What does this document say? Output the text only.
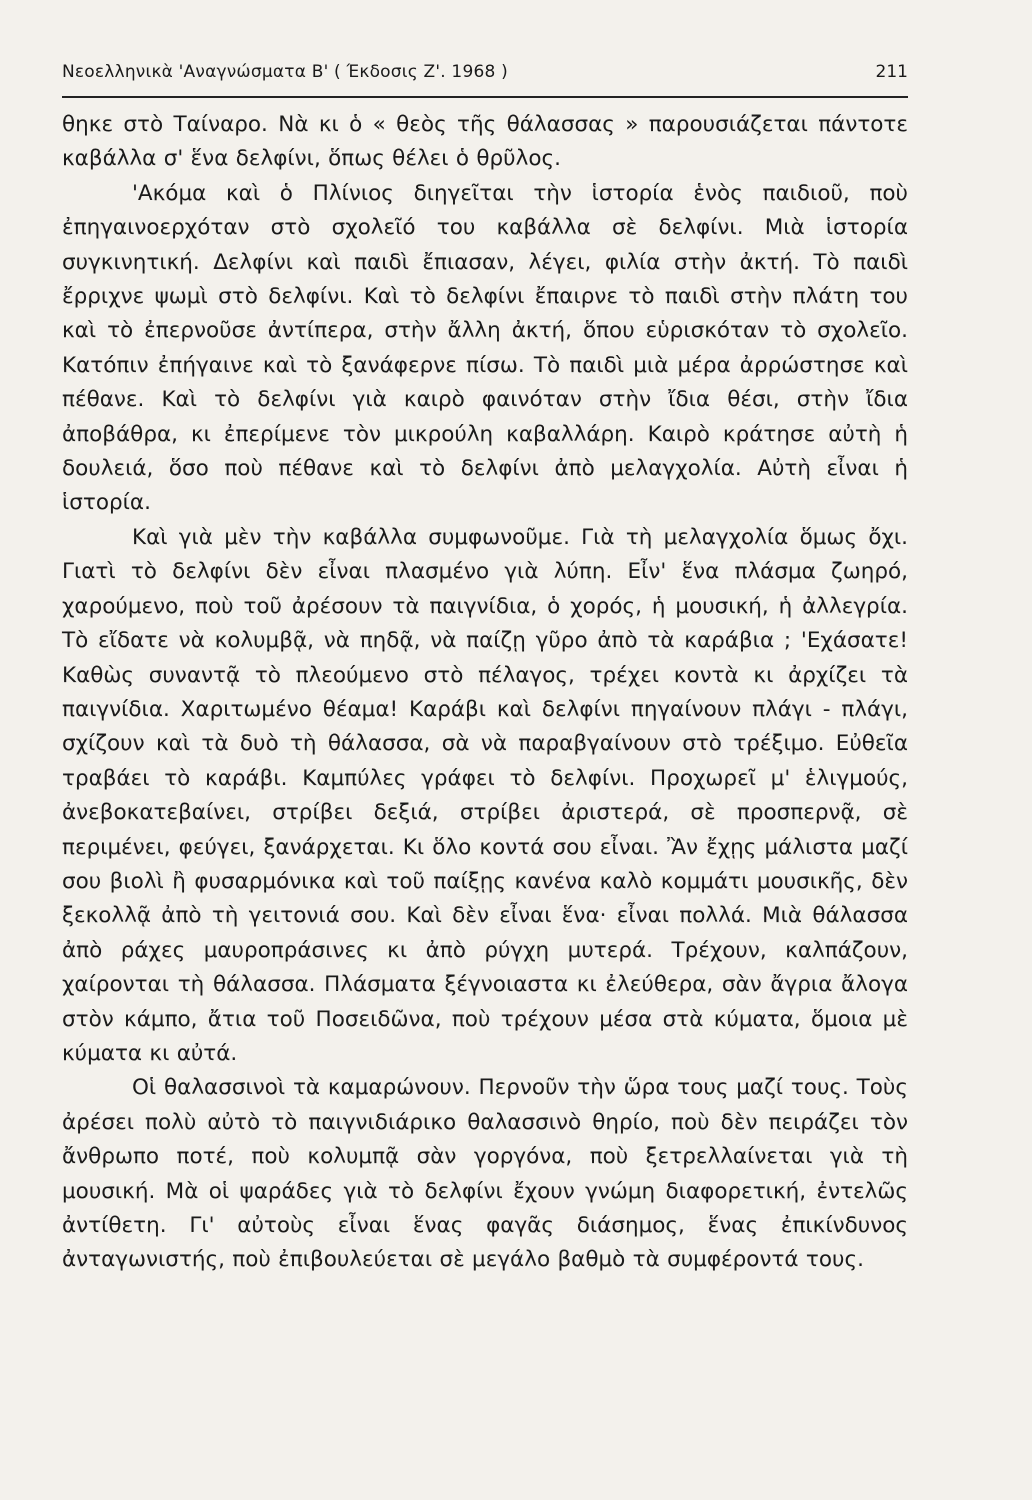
Νεοελληνικὰ 'Αναγνώσματα Β' ( Έκδοσις Ζ'. 1968 )	211

θηκε στὸ Ταίναρο. Νὰ κι ὁ « θεὸς τῆς θάλασσας » παρουσιάζεται πάντοτε καβάλλα σ' ἕνα δελφίνι, ὅπως θέλει ὁ θρῦλος.

'Ακόμα καὶ ὁ Πλίνιος διηγεῖται τὴν ἱστορία ἑνὸς παιδιοῦ, ποὺ ἐπηγαινοερχόταν στὸ σχολεῖό του καβάλλα σὲ δελφίνι. Μιὰ ἱστορία συγκινητική. Δελφίνι καὶ παιδὶ ἔπιασαν, λέγει, φιλία στὴν ἀκτή. Τὸ παιδὶ ἔρριχνε ψωμὶ στὸ δελφίνι. Καὶ τὸ δελφίνι ἔπαιρνε τὸ παιδὶ στὴν πλάτη του καὶ τὸ ἐπερνοῦσε ἀντίπερα, στὴν ἄλλη ἀκτή, ὅπου εὑρισκόταν τὸ σχολεῖο. Κατόπιν ἐπήγαινε καὶ τὸ ξανάφερνε πίσω. Τὸ παιδὶ μιὰ μέρα ἀρρώστησε καὶ πέθανε. Καὶ τὸ δελφίνι γιὰ καιρὸ φαινόταν στὴν ἴδια θέσι, στὴν ἴδια ἀποβάθρα, κι ἐπερίμενε τὸν μικρούλη καβαλλάρη. Καιρὸ κράτησε αὐτὴ ἡ δουλειά, ὅσο ποὺ πέθανε καὶ τὸ δελφίνι ἀπὸ μελαγχολία. Αὐτὴ εἶναι ἡ ἱστορία.

Καὶ γιὰ μὲν τὴν καβάλλα συμφωνοῦμε. Γιὰ τὴ μελαγχολία ὅμως ὄχι. Γιατὶ τὸ δελφίνι δὲν εἶναι πλασμένο γιὰ λύπη. Εἶν' ἕνα πλάσμα ζωηρό, χαρούμενο, ποὺ τοῦ ἀρέσουν τὰ παιγνίδια, ὁ χορός, ἡ μουσική, ἡ ἀλλεγρία. Τὸ εἴδατε νὰ κολυμβᾷ, νὰ πηδᾷ, νὰ παίζῃ γῦρο ἀπὸ τὰ καράβια ; 'Εχάσατε! Καθὼς συναντᾷ τὸ πλεούμενο στὸ πέλαγος, τρέχει κοντὰ κι ἀρχίζει τὰ παιγνίδια. Χαριτωμένο θέαμα! Καράβι καὶ δελφίνι πηγαίνουν πλάγι - πλάγι, σχίζουν καὶ τὰ δυὸ τὴ θάλασσα, σὰ νὰ παραβγαίνουν στὸ τρέξιμο. Εὐθεῖα τραβάει τὸ καράβι. Καμπύλες γράφει τὸ δελφίνι. Προχωρεῖ μ' ἑλιγμούς, ἀνεβοκατεβαίνει, στρίβει δεξιά, στρίβει ἀριστερά, σὲ προσπερνᾷ, σὲ περιμένει, φεύγει, ξανάρχεται. Κι ὅλο κοντά σου εἶναι. Ἂν ἔχῃς μάλιστα μαζί σου βιολὶ ἢ φυσαρμόνικα καὶ τοῦ παίξῃς κανένα καλὸ κομμάτι μουσικῆς, δὲν ξεκολλᾷ ἀπὸ τὴ γειτονιά σου. Καὶ δὲν εἶναι ἕνα· εἶναι πολλά. Μιὰ θάλασσα ἀπὸ ράχες μαυροπράσινες κι ἀπὸ ρύγχη μυτερά. Τρέχουν, καλπάζουν, χαίρονται τὴ θάλασσα. Πλάσματα ξέγνοιαστα κι ἐλεύθερα, σὰν ἄγρια ἄλογα στὸν κάμπο, ἄτια τοῦ Ποσειδῶνα, ποὺ τρέχουν μέσα στὰ κύματα, ὅμοια μὲ κύματα κι αὐτά.

Οἱ θαλασσινοὶ τὰ καμαρώνουν. Περνοῦν τὴν ὥρα τους μαζί τους. Τοὺς ἀρέσει πολὺ αὐτὸ τὸ παιγνιδιάρικο θαλασσινὸ θηρίο, ποὺ δὲν πειράζει τὸν ἄνθρωπο ποτέ, ποὺ κολυμπᾷ σὰν γοργόνα, ποὺ ξετρελλαίνεται γιὰ τὴ μουσική. Μὰ οἱ ψαράδες γιὰ τὸ δελφίνι ἔχουν γνώμη διαφορετική, ἐντελῶς ἀντίθετη. Γι' αὐτοὺς εἶναι ἕνας φαγᾶς διάσημος, ἕνας ἐπικίνδυνος ἀνταγωνιστής, ποὺ ἐπιβουλεύεται σὲ μεγάλο βαθμὸ τὰ συμφέροντά τους.
